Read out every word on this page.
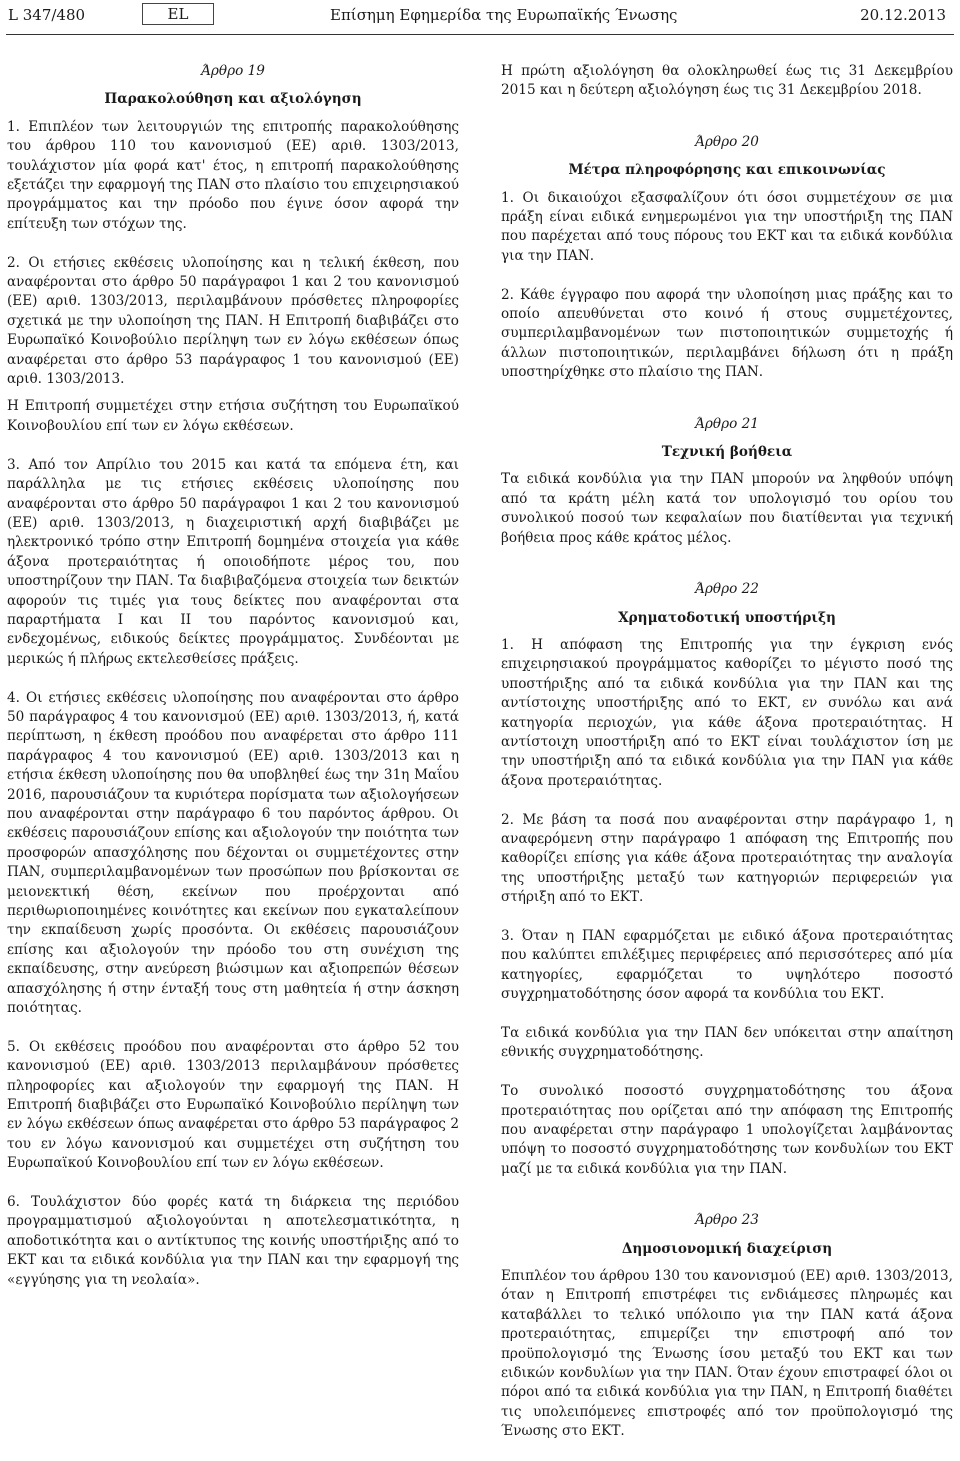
L 347/480	EL	Επίσημη Εφημερίδα της Ευρωπαϊκής Ένωσης	20.12.2013

Άρθρο 19

Παρακολούθηση και αξιολόγηση

1. Επιπλέον των λειτουργιών της επιτροπής παρακολούθησης του άρθρου 110 του κανονισμού (ΕΕ) αριθ. 1303/2013, τουλάχιστον μία φορά κατ' έτος, η επιτροπή παρακολούθησης εξετάζει την εφαρμογή της ΠΑΝ στο πλαίσιο του επιχειρησιακού προγράμματος και την πρόοδο που έγινε όσον αφορά την επίτευξη των στόχων της.

2. Οι ετήσιες εκθέσεις υλοποίησης και η τελική έκθεση, που αναφέρονται στο άρθρο 50 παράγραφοι 1 και 2 του κανονισμού (ΕΕ) αριθ. 1303/2013, περιλαμβάνουν πρόσθετες πληροφορίες σχετικά με την υλοποίηση της ΠΑΝ. Η Επιτροπή διαβιβάζει στο Ευρωπαϊκό Κοινοβούλιο περίληψη των εν λόγω εκθέσεων όπως αναφέρεται στο άρθρο 53 παράγραφος 1 του κανονισμού (ΕΕ) αριθ. 1303/2013.

Η Επιτροπή συμμετέχει στην ετήσια συζήτηση του Ευρωπαϊκού Κοινοβουλίου επί των εν λόγω εκθέσεων.

3. Από τον Απρίλιο του 2015 και κατά τα επόμενα έτη, και παράλληλα με τις ετήσιες εκθέσεις υλοποίησης που αναφέρονται στο άρθρο 50 παράγραφοι 1 και 2 του κανονισμού (ΕΕ) αριθ. 1303/2013, η διαχειριστική αρχή διαβιβάζει με ηλεκτρονικό τρόπο στην Επιτροπή δομημένα στοιχεία για κάθε άξονα προτεραιότητας ή οποιοδήποτε μέρος του, που υποστηρίζουν την ΠΑΝ. Τα διαβιβαζόμενα στοιχεία των δεικτών αφορούν τις τιμές για τους δείκτες που αναφέρονται στα παραρτήματα I και II του παρόντος κανονισμού και, ενδεχομένως, ειδικούς δείκτες προγράμματος. Συνδέονται με μερικώς ή πλήρως εκτελεσθείσες πράξεις.

4. Οι ετήσιες εκθέσεις υλοποίησης που αναφέρονται στο άρθρο 50 παράγραφος 4 του κανονισμού (ΕΕ) αριθ. 1303/2013, ή, κατά περίπτωση, η έκθεση προόδου που αναφέρεται στο άρθρο 111 παράγραφος 4 του κανονισμού (ΕΕ) αριθ. 1303/2013 και η ετήσια έκθεση υλοποίησης που θα υποβληθεί έως την 31η Μαΐου 2016, παρουσιάζουν τα κυριότερα πορίσματα των αξιολογήσεων που αναφέρονται στην παράγραφο 6 του παρόντος άρθρου. Οι εκθέσεις παρουσιάζουν επίσης και αξιολογούν την ποιότητα των προσφορών απασχόλησης που δέχονται οι συμμετέχοντες στην ΠΑΝ, συμπεριλαμβανομένων των προσώπων που βρίσκονται σε μειονεκτική θέση, εκείνων που προέρχονται από περιθωριοποιημένες κοινότητες και εκείνων που εγκαταλείπουν την εκπαίδευση χωρίς προσόντα. Οι εκθέσεις παρουσιάζουν επίσης και αξιολογούν την πρόοδο του στη συνέχιση της εκπαίδευσης, στην ανεύρεση βιώσιμων και αξιοπρεπών θέσεων απασχόλησης ή στην ένταξή τους στη μαθητεία ή στην άσκηση ποιότητας.

5. Οι εκθέσεις προόδου που αναφέρονται στο άρθρο 52 του κανονισμού (ΕΕ) αριθ. 1303/2013 περιλαμβάνουν πρόσθετες πληροφορίες και αξιολογούν την εφαρμογή της ΠΑΝ. Η Επιτροπή διαβιβάζει στο Ευρωπαϊκό Κοινοβούλιο περίληψη των εν λόγω εκθέσεων όπως αναφέρεται στο άρθρο 53 παράγραφος 2 του εν λόγω κανονισμού και συμμετέχει στη συζήτηση του Ευρωπαϊκού Κοινοβουλίου επί των εν λόγω εκθέσεων.

6. Τουλάχιστον δύο φορές κατά τη διάρκεια της περιόδου προγραμματισμού αξιολογούνται η αποτελεσματικότητα, η αποδοτικότητα και ο αντίκτυπος της κοινής υποστήριξης από το ΕΚΤ και τα ειδικά κονδύλια για την ΠΑΝ και την εφαρμογή της «εγγύησης για τη νεολαία».

Η πρώτη αξιολόγηση θα ολοκληρωθεί έως τις 31 Δεκεμβρίου 2015 και η δεύτερη αξιολόγηση έως τις 31 Δεκεμβρίου 2018.

Άρθρο 20

Μέτρα πληροφόρησης και επικοινωνίας

1. Οι δικαιούχοι εξασφαλίζουν ότι όσοι συμμετέχουν σε μια πράξη είναι ειδικά ενημερωμένοι για την υποστήριξη της ΠΑΝ που παρέχεται από τους πόρους του ΕΚΤ και τα ειδικά κονδύλια για την ΠΑΝ.

2. Κάθε έγγραφο που αφορά την υλοποίηση μιας πράξης και το οποίο απευθύνεται στο κοινό ή στους συμμετέχοντες, συμπεριλαμβανομένων των πιστοποιητικών συμμετοχής ή άλλων πιστοποιητικών, περιλαμβάνει δήλωση ότι η πράξη υποστηρίχθηκε στο πλαίσιο της ΠΑΝ.

Άρθρο 21

Τεχνική βοήθεια

Τα ειδικά κονδύλια για την ΠΑΝ μπορούν να ληφθούν υπόψη από τα κράτη μέλη κατά τον υπολογισμό του ορίου του συνολικού ποσού των κεφαλαίων που διατίθενται για τεχνική βοήθεια προς κάθε κράτος μέλος.

Άρθρο 22

Χρηματοδοτική υποστήριξη

1. Η απόφαση της Επιτροπής για την έγκριση ενός επιχειρησιακού προγράμματος καθορίζει το μέγιστο ποσό της υποστήριξης από τα ειδικά κονδύλια για την ΠΑΝ και της αντίστοιχης υποστήριξης από το ΕΚΤ, εν συνόλω και ανά κατηγορία περιοχών, για κάθε άξονα προτεραιότητας. Η αντίστοιχη υποστήριξη από το ΕΚΤ είναι τουλάχιστον ίση με την υποστήριξη από τα ειδικά κονδύλια για την ΠΑΝ για κάθε άξονα προτεραιότητας.

2. Με βάση τα ποσά που αναφέρονται στην παράγραφο 1, η αναφερόμενη στην παράγραφο 1 απόφαση της Επιτροπής που καθορίζει επίσης για κάθε άξονα προτεραιότητας την αναλογία της υποστήριξης μεταξύ των κατηγοριών περιφερειών για στήριξη από το ΕΚΤ.

3. Όταν η ΠΑΝ εφαρμόζεται με ειδικό άξονα προτεραιότητας που καλύπτει επιλέξιμες περιφέρειες από περισσότερες από μία κατηγορίες, εφαρμόζεται το υψηλότερο ποσοστό συγχρηματοδότησης όσον αφορά τα κονδύλια του ΕΚΤ.

Τα ειδικά κονδύλια για την ΠΑΝ δεν υπόκειται στην απαίτηση εθνικής συγχρηματοδότησης.

Το συνολικό ποσοστό συγχρηματοδότησης του άξονα προτεραιότητας που ορίζεται από την απόφαση της Επιτροπής που αναφέρεται στην παράγραφο 1 υπολογίζεται λαμβάνοντας υπόψη το ποσοστό συγχρηματοδότησης των κονδυλίων του ΕΚΤ μαζί με τα ειδικά κονδύλια για την ΠΑΝ.

Άρθρο 23

Δημοσιονομική διαχείριση

Επιπλέον του άρθρου 130 του κανονισμού (ΕΕ) αριθ. 1303/2013, όταν η Επιτροπή επιστρέφει τις ενδιάμεσες πληρωμές και καταβάλλει το τελικό υπόλοιπο για την ΠΑΝ κατά άξονα προτεραιότητας, επιμερίζει την επιστροφή από τον προϋπολογισμό της Ένωσης ίσου μεταξύ του ΕΚΤ και των ειδικών κονδυλίων για την ΠΑΝ. Όταν έχουν επιστραφεί όλοι οι πόροι από τα ειδικά κονδύλια για την ΠΑΝ, η Επιτροπή διαθέτει τις υπολειπόμενες επιστροφές από τον προϋπολογισμό της Ένωσης στο ΕΚΤ.
